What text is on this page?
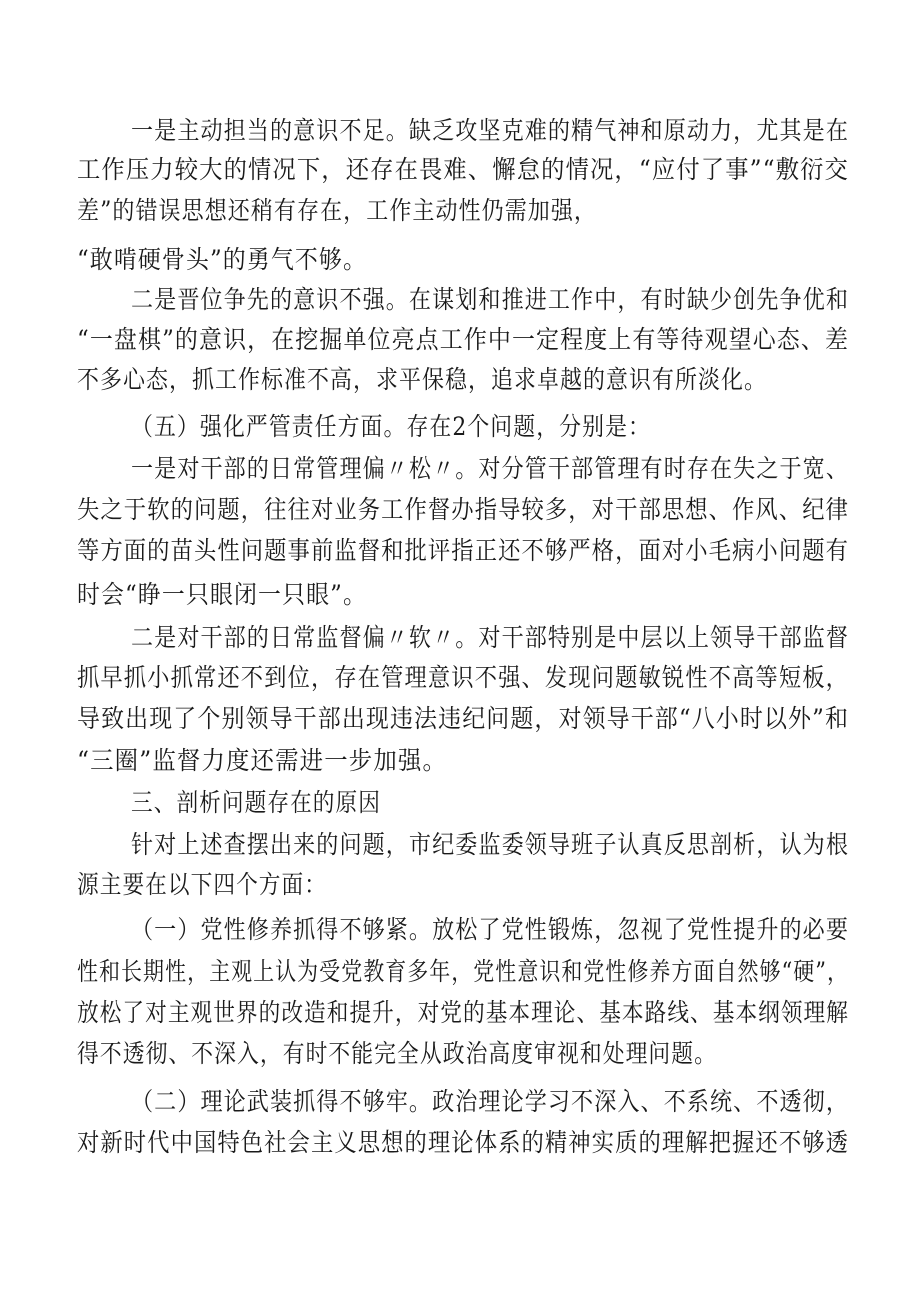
一是主动担当的意识不足。缺乏攻坚克难的精气神和原动力，尤其是在
工作压力较大的情况下，还存在畏难、懈怠的情况，“应付了事”“敷衍交
差”的错误思想还稍有存在，工作主动性仍需加强，
“敢啃硬骨头”的勇气不够。
二是晋位争先的意识不强。在谋划和推进工作中，有时缺少创先争优和
“一盘棋”的意识，在挖掘单位亮点工作中一定程度上有等待观望心态、差
不多心态，抓工作标准不高，求平保稳，追求卓越的意识有所淡化。
（五）强化严管责任方面。存在2个问题，分别是：
一是对干部的日常管理偏〃松〃。对分管干部管理有时存在失之于宽、
失之于软的问题，往往对业务工作督办指导较多，对干部思想、作风、纪律
等方面的苗头性问题事前监督和批评指正还不够严格，面对小毛病小问题有
时会“睁一只眼闭一只眼”。
二是对干部的日常监督偏〃软〃。对干部特别是中层以上领导干部监督
抓早抓小抓常还不到位，存在管理意识不强、发现问题敏锐性不高等短板，
导致出现了个别领导干部出现违法违纪问题，对领导干部“八小时以外”和
“三圈”监督力度还需进一步加强。
三、剖析问题存在的原因
针对上述查摆出来的问题，市纪委监委领导班子认真反思剖析，认为根
源主要在以下四个方面：
（一）党性修养抓得不够紧。放松了党性锻炼，忽视了党性提升的必要
性和长期性，主观上认为受党教育多年，党性意识和党性修养方面自然够“硬”，
放松了对主观世界的改造和提升，对党的基本理论、基本路线、基本纲领理解
得不透彻、不深入，有时不能完全从政治高度审视和处理问题。
（二）理论武装抓得不够牢。政治理论学习不深入、不系统、不透彻，
对新时代中国特色社会主义思想的理论体系的精神实质的理解把握还不够透
